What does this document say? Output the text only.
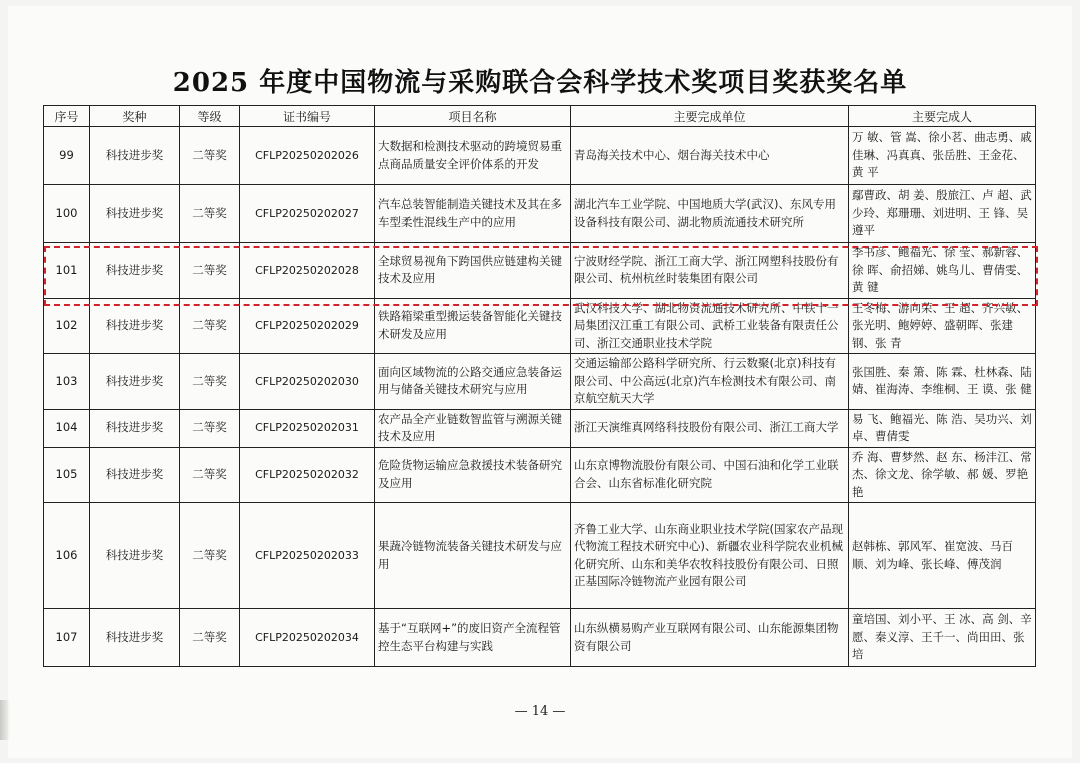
2025 年度中国物流与采购联合会科学技术奖项目奖获奖名单
序号	奖种	等级	证书编号	项目名称	主要完成单位	主要完成人
99	科技进步奖	二等奖	CFLP20250202026	大数据和检测技术驱动的跨境贸易重点商品质量安全评价体系的开发	青岛海关技术中心、烟台海关技术中心	万 敏、管 嵩、徐小茗、曲志勇、戚佳琳、冯真真、张岳胜、王金花、黄 平
100	科技进步奖	二等奖	CFLP20250202027	汽车总装智能制造关键技术及其在多车型柔性混线生产中的应用	湖北汽车工业学院、中国地质大学(武汉)、东风专用设备科技有限公司、湖北物质流通技术研究所	鄢曹政、胡 姜、殷旅江、卢 超、武少玲、郑珊珊、刘进明、王 锋、吴遵平
101	科技进步奖	二等奖	CFLP20250202028	全球贸易视角下跨国供应链建构关键技术及应用	宁波财经学院、浙江工商大学、浙江网塑科技股份有限公司、杭州杭丝时装集团有限公司	李书彦、鲍福光、徐 莹、郝新蓉、徐 晖、俞招娣、姚鸟儿、曹倩雯、黄 键
102	科技进步奖	二等奖	CFLP20250202029	铁路箱梁重型搬运装备智能化关键技术研发及应用	武汉科技大学、湖北物资流通技术研究所、中铁十一局集团汉江重工有限公司、武桥工业装备有限责任公司、浙江交通职业技术学院	王冬梅、游向荣、王 超、齐兴敏、张光明、鲍婷婷、盛朝晖、张建钢、张 青
103	科技进步奖	二等奖	CFLP20250202030	面向区域物流的公路交通应急装备运用与储备关键技术研究与应用	交通运输部公路科学研究所、行云数聚(北京)科技有限公司、中公高远(北京)汽车检测技术有限公司、南京航空航天大学	张国胜、秦 箫、陈 霖、杜林森、陆 婧、崔海涛、李维桐、王 谟、张 健
104	科技进步奖	二等奖	CFLP20250202031	农产品全产业链数智监管与溯源关键技术及应用	浙江天演维真网络科技股份有限公司、浙江工商大学	易 飞、鲍福光、陈 浩、吴功兴、刘 卓、曹倩雯
105	科技进步奖	二等奖	CFLP20250202032	危险货物运输应急救援技术装备研究及应用	山东京博物流股份有限公司、中国石油和化学工业联合会、山东省标准化研究院	乔 海、曹梦然、赵 东、杨沣江、常 杰、徐文龙、徐学敏、郝 媛、罗艳艳
106	科技进步奖	二等奖	CFLP20250202033	果蔬冷链物流装备关键技术研发与应用	齐鲁工业大学、山东商业职业技术学院(国家农产品现代物流工程技术研究中心)、新疆农业科学院农业机械化研究所、山东和美华农牧科技股份有限公司、日照正基国际冷链物流产业园有限公司	赵韩栋、郭风军、崔宽波、马百顺、刘为峰、张长峰、傅茂润
107	科技进步奖	二等奖	CFLP20250202034	基于“互联网+”的废旧资产全流程管控生态平台构建与实践	山东纵横易购产业互联网有限公司、山东能源集团物资有限公司	童培国、刘小平、王 冰、高 剑、辛 愿、秦义淳、王千一、尚田田、张 培
— 14 —
